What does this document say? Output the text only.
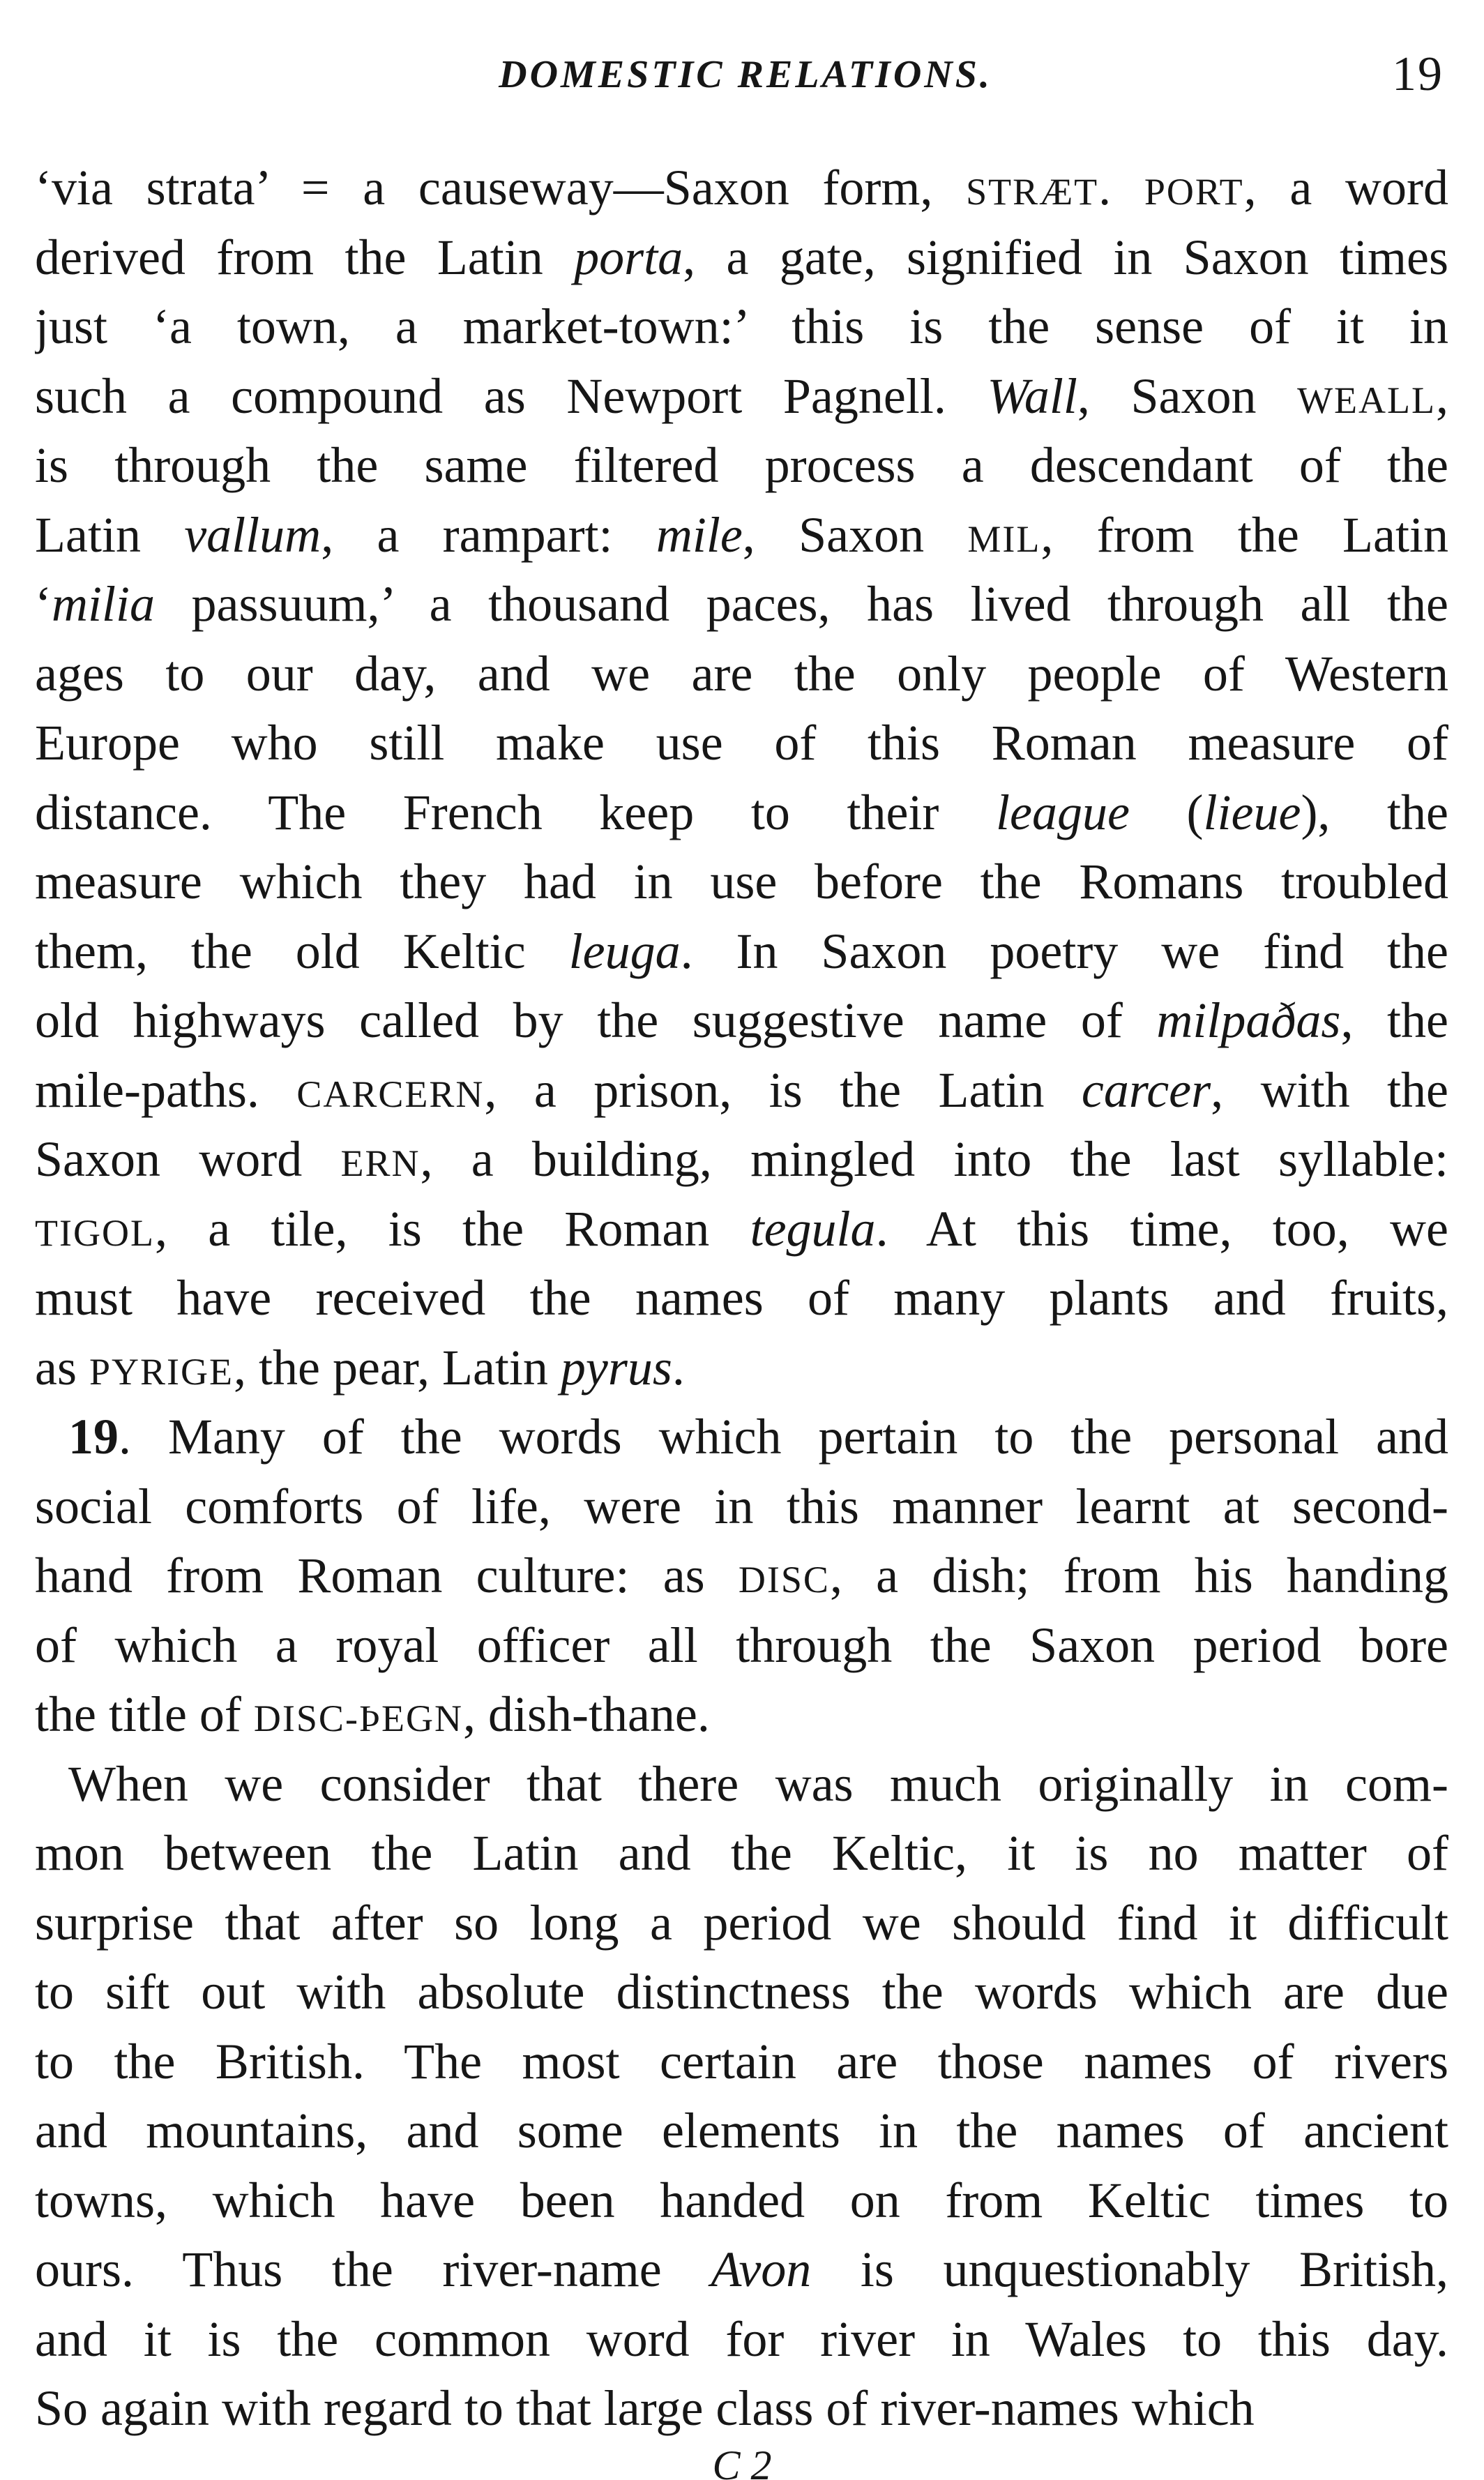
DOMESTIC RELATIONS.	19
‘via strata’ = a causeway—Saxon form, STRÆT. PORT, a word
derived from the Latin porta, a gate, signified in Saxon times
just ‘a town, a market-town:’ this is the sense of it in
such a compound as Newport Pagnell. Wall, Saxon WEALL,
is through the same filtered process a descendant of the
Latin vallum, a rampart: mile, Saxon MIL, from the Latin
‘milia passuum,’ a thousand paces, has lived through all the
ages to our day, and we are the only people of Western
Europe who still make use of this Roman measure of
distance. The French keep to their league (lieue), the
measure which they had in use before the Romans troubled
them, the old Keltic leuga. In Saxon poetry we find the
old highways called by the suggestive name of milpaðas, the
mile-paths. CARCERN, a prison, is the Latin carcer, with the
Saxon word ERN, a building, mingled into the last syllable:
TIGOL, a tile, is the Roman tegula. At this time, too, we
must have received the names of many plants and fruits,
as PYRIGE, the pear, Latin pyrus.
19. Many of the words which pertain to the personal and
social comforts of life, were in this manner learnt at second-
hand from Roman culture: as DISC, a dish; from his handing
of which a royal officer all through the Saxon period bore
the title of DISC-ÞEGN, dish-thane.
When we consider that there was much originally in com-
mon between the Latin and the Keltic, it is no matter of
surprise that after so long a period we should find it difficult
to sift out with absolute distinctness the words which are due
to the British. The most certain are those names of rivers
and mountains, and some elements in the names of ancient
towns, which have been handed on from Keltic times to
ours. Thus the river-name Avon is unquestionably British,
and it is the common word for river in Wales to this day.
So again with regard to that large class of river-names which
C 2
